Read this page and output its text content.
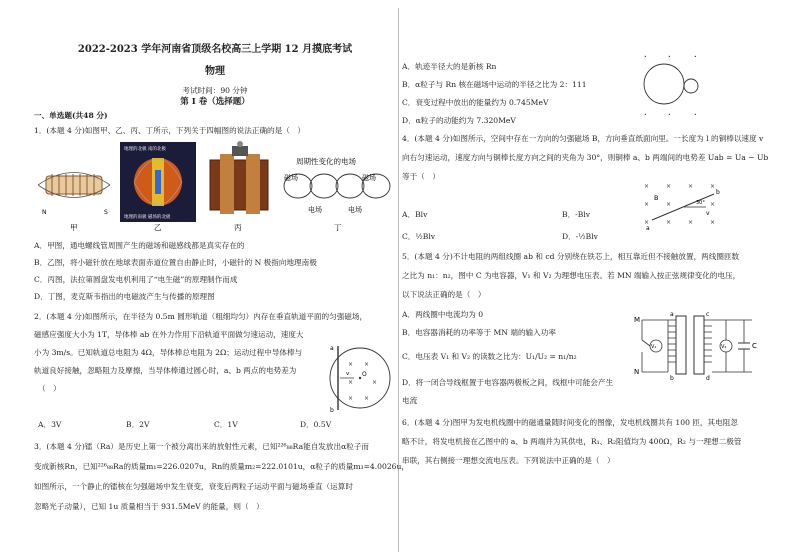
2022-2023 学年河南省顶级名校高三上学期 12 月摸底考试
物理
考试时间：90 分钟
第 I 卷（选择题）
一、单选题(共48 分)
1．(本题 4 分)如图甲、乙、丙、丁所示，下列关于四幅图的说法正确的是（　）
N	S
地理的北极 南的北极
地理的南极 磁场的北极
周期性变化的电场
磁场	磁场
电场	电场
甲	乙	丙	丁
A．甲图，通电螺线管周围产生的磁场和磁感线都是真实存在的
B．乙图，将小磁针放在地球表面赤道位置自由静止时，小磁针的 N 极指向地理南极
C．丙图，法拉第圆盘发电机利用了“电生磁”的原理制作而成
D．丁图，麦克斯韦指出的电磁波产生与传播的原理图
2．(本题 4 分)如图所示，在半径为 0.5m 圆形轨道（粗细均匀）内存在垂直轨道平面的匀强磁场，
磁感应强度大小为 1T，导体棒 ab 在外力作用下沿轨道平面做匀速运动，速度大
小为 3m/s。已知轨道总电阻为 4Ω，导体棒总电阻为 2Ω；运动过程中导体棒与
轨道良好接触，忽略阻力及摩擦，当导体棒通过圆心时，a、b 两点的电势差为
（　）
× ×
×	×
× ×
O
a
b
v
A．3V	B．2V	C．1V	D．0.5V
3．(本题 4 分)镭（Ra）是历史上第一个被分离出来的放射性元素，已知²²⁶₈₈Ra能自发放出α粒子而
变成新核Rn，已知²²⁶₈₈Ra的质量m₁=226.0207u，Rn的质量m₂=222.0101u，α粒子的质量m₃=4.0026u，
如图所示，一个静止的镭核在匀强磁场中发生衰变，衰变后两粒子运动平面与磁场垂直（运算时
忽略光子动量），已知 1u 质量相当于 931.5MeV 的能量，则（　）
A．轨迹半径大的是新核 Rn
B．α粒子与 Rn 核在磁场中运动的半径之比为 2：111
C．衰变过程中放出的能量约为 0.745MeV
D．α粒子的动能约为 7.320MeV
•	•	•
•	•	•
4．(本题 4 分)如图所示，空间中存在一方向的匀强磁场 B，方向垂直纸面向里。一长度为 l 的铜棒以速度 v
向右匀速运动，速度方向与铜棒长度方向之间的夹角为 30°，则铜棒 a、b 两端间的电势差 Uab = Ua − Ub
等于（　）
×	×	×	×
×	×	×
×	×	×	×
B
v
30°
a
b
A．Blv	B．-Blv
C．½Blv	D．-½Blv
5．(本题 4 分)不计电阻的两组线圈 ab 和 cd 分别绕在铁芯上，相互靠近但不接触放置，两线圈匝数
之比为 n₁：n₂，图中 C 为电容器，V₁ 和 V₂ 为理想电压表。若 MN 端输入按正弦规律变化的电压，
以下说法正确的是（　）
A．两线圈中电流均为 0
B．电容器消耗的功率等于 MN 端的输入功率
C．电压表 V₁ 和 V₂ 的读数之比为：U₁/U₂ = n₁/n₂
D．将一闭合导线框置于电容器两极板之间，线框中可能会产生
电流
M
N
V₁
a
b
c
d
V₂	C
6．(本题 4 分)图甲为发电机线圈中的磁通量随时间变化的图像，发电机线圈共有 100 匝，其电阻忽
略不计，将发电机接在乙图中的 a、b 两端并为其供电，R₁、R₂阻值均为 400Ω，R₂ 与一理想二极管
串联，其右侧接一理想交流电压表。下列说法中正确的是（　）
